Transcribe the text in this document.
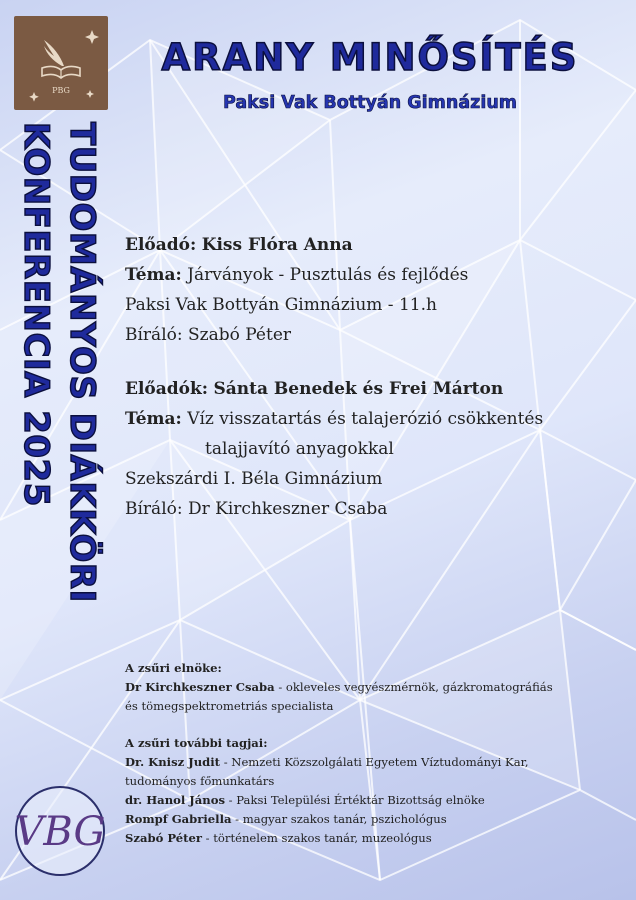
PBG
ARANY MINŐSÍTÉS
Paksi Vak Bottyán Gimnázium
TUDOMÁNYOS DIÁKKÖRI
KONFERENCIA 2025	Előadó: Kiss Flóra Anna
Téma: Járványok - Pusztulás és fejlődés
Paksi Vak Bottyán Gimnázium - 11.h
Bíráló: Szabó Péter
Előadók: Sánta Benedek és Frei Márton
Téma: Víz visszatartás és talajerózió csökkentés
talajjavító anyagokkal
Szekszárdi I. Béla Gimnázium
Bíráló: Dr Kirchkeszner Csaba
A zsűri elnöke:
Dr Kirchkeszner Csaba - okleveles vegyészmérnök, gázkromatográfiás
és tömegspektrometriás specialista
A zsűri további tagjai:
Dr. Knisz Judit - Nemzeti Közszolgálati Egyetem Víztudományi Kar,
tudományos főmunkatárs
dr. Hanol János - Paksi Települési Értéktár Bizottság elnöke
Rompf Gabriella - magyar szakos tanár, pszichológus
Szabó Péter - történelem szakos tanár, muzeológus
VBG
